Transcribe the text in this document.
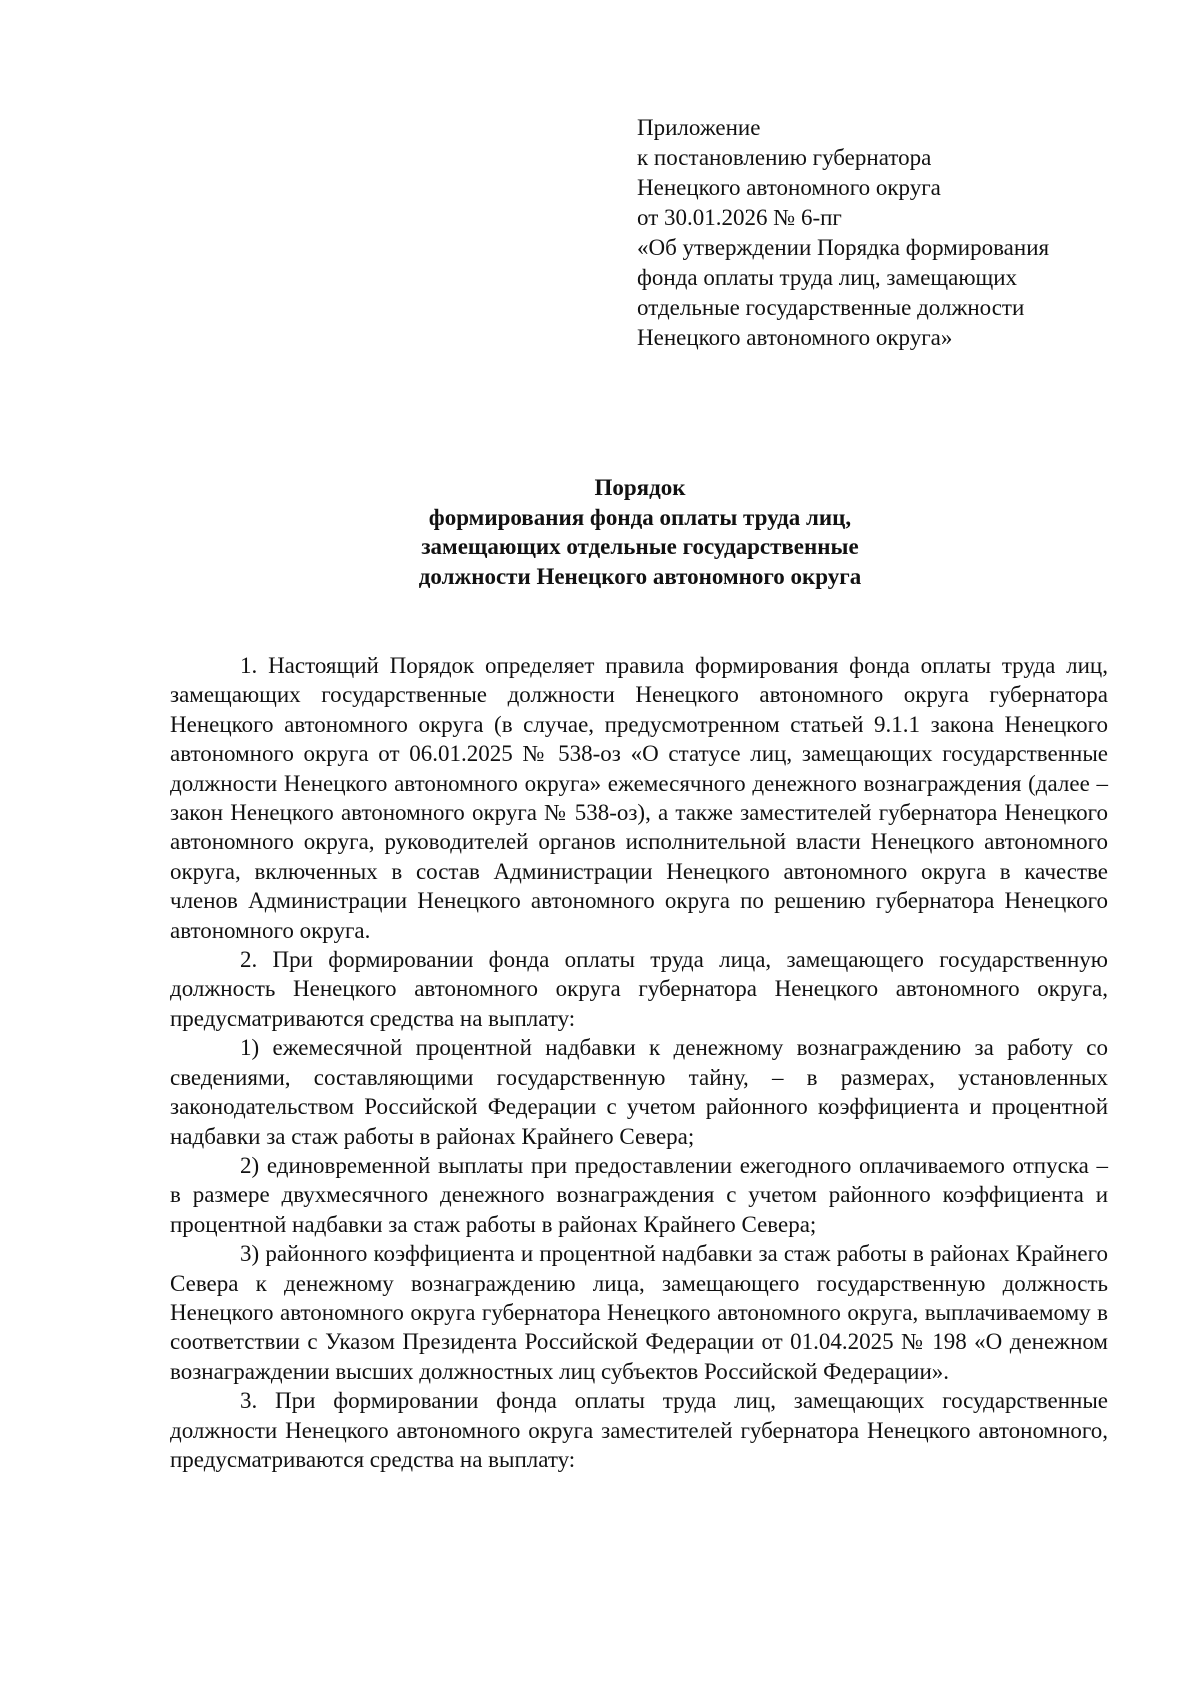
Приложение
к постановлению губернатора
Ненецкого автономного округа
от 30.01.2026 № 6-пг
«Об утверждении Порядка формирования
фонда оплаты труда лиц, замещающих
отдельные государственные должности
Ненецкого автономного округа»
Порядок
формирования фонда оплаты труда лиц,
замещающих отдельные государственные
должности Ненецкого автономного округа

1. Настоящий Порядок определяет правила формирования фонда оплаты труда лиц, замещающих государственные должности Ненецкого автономного округа губернатора Ненецкого автономного округа (в случае, предусмотренном статьей 9.1.1 закона Ненецкого автономного округа от 06.01.2025 № 538-оз «О статусе лиц, замещающих государственные должности Ненецкого автономного округа» ежемесячного денежного вознаграждения (далее – закон Ненецкого автономного округа № 538-оз), а также заместителей губернатора Ненецкого автономного округа, руководителей органов исполнительной власти Ненецкого автономного округа, включенных в состав Администрации Ненецкого автономного округа в качестве членов Администрации Ненецкого автономного округа по решению губернатора Ненецкого автономного округа.

2. При формировании фонда оплаты труда лица, замещающего государственную должность Ненецкого автономного округа губернатора Ненецкого автономного округа, предусматриваются средства на выплату:

1) ежемесячной процентной надбавки к денежному вознаграждению за работу со сведениями, составляющими государственную тайну, – в размерах, установленных законодательством Российской Федерации с учетом районного коэффициента и процентной надбавки за стаж работы в районах Крайнего Севера;

2) единовременной выплаты при предоставлении ежегодного оплачиваемого отпуска – в размере двухмесячного денежного вознаграждения с учетом районного коэффициента и процентной надбавки за стаж работы в районах Крайнего Севера;

3) районного коэффициента и процентной надбавки за стаж работы в районах Крайнего Севера к денежному вознаграждению лица, замещающего государственную должность Ненецкого автономного округа губернатора Ненецкого автономного округа, выплачиваемому в соответствии с Указом Президента Российской Федерации от 01.04.2025 № 198 «О денежном вознаграждении высших должностных лиц субъектов Российской Федерации».

3. При формировании фонда оплаты труда лиц, замещающих государственные должности Ненецкого автономного округа заместителей губернатора Ненецкого автономного, предусматриваются средства на выплату:
